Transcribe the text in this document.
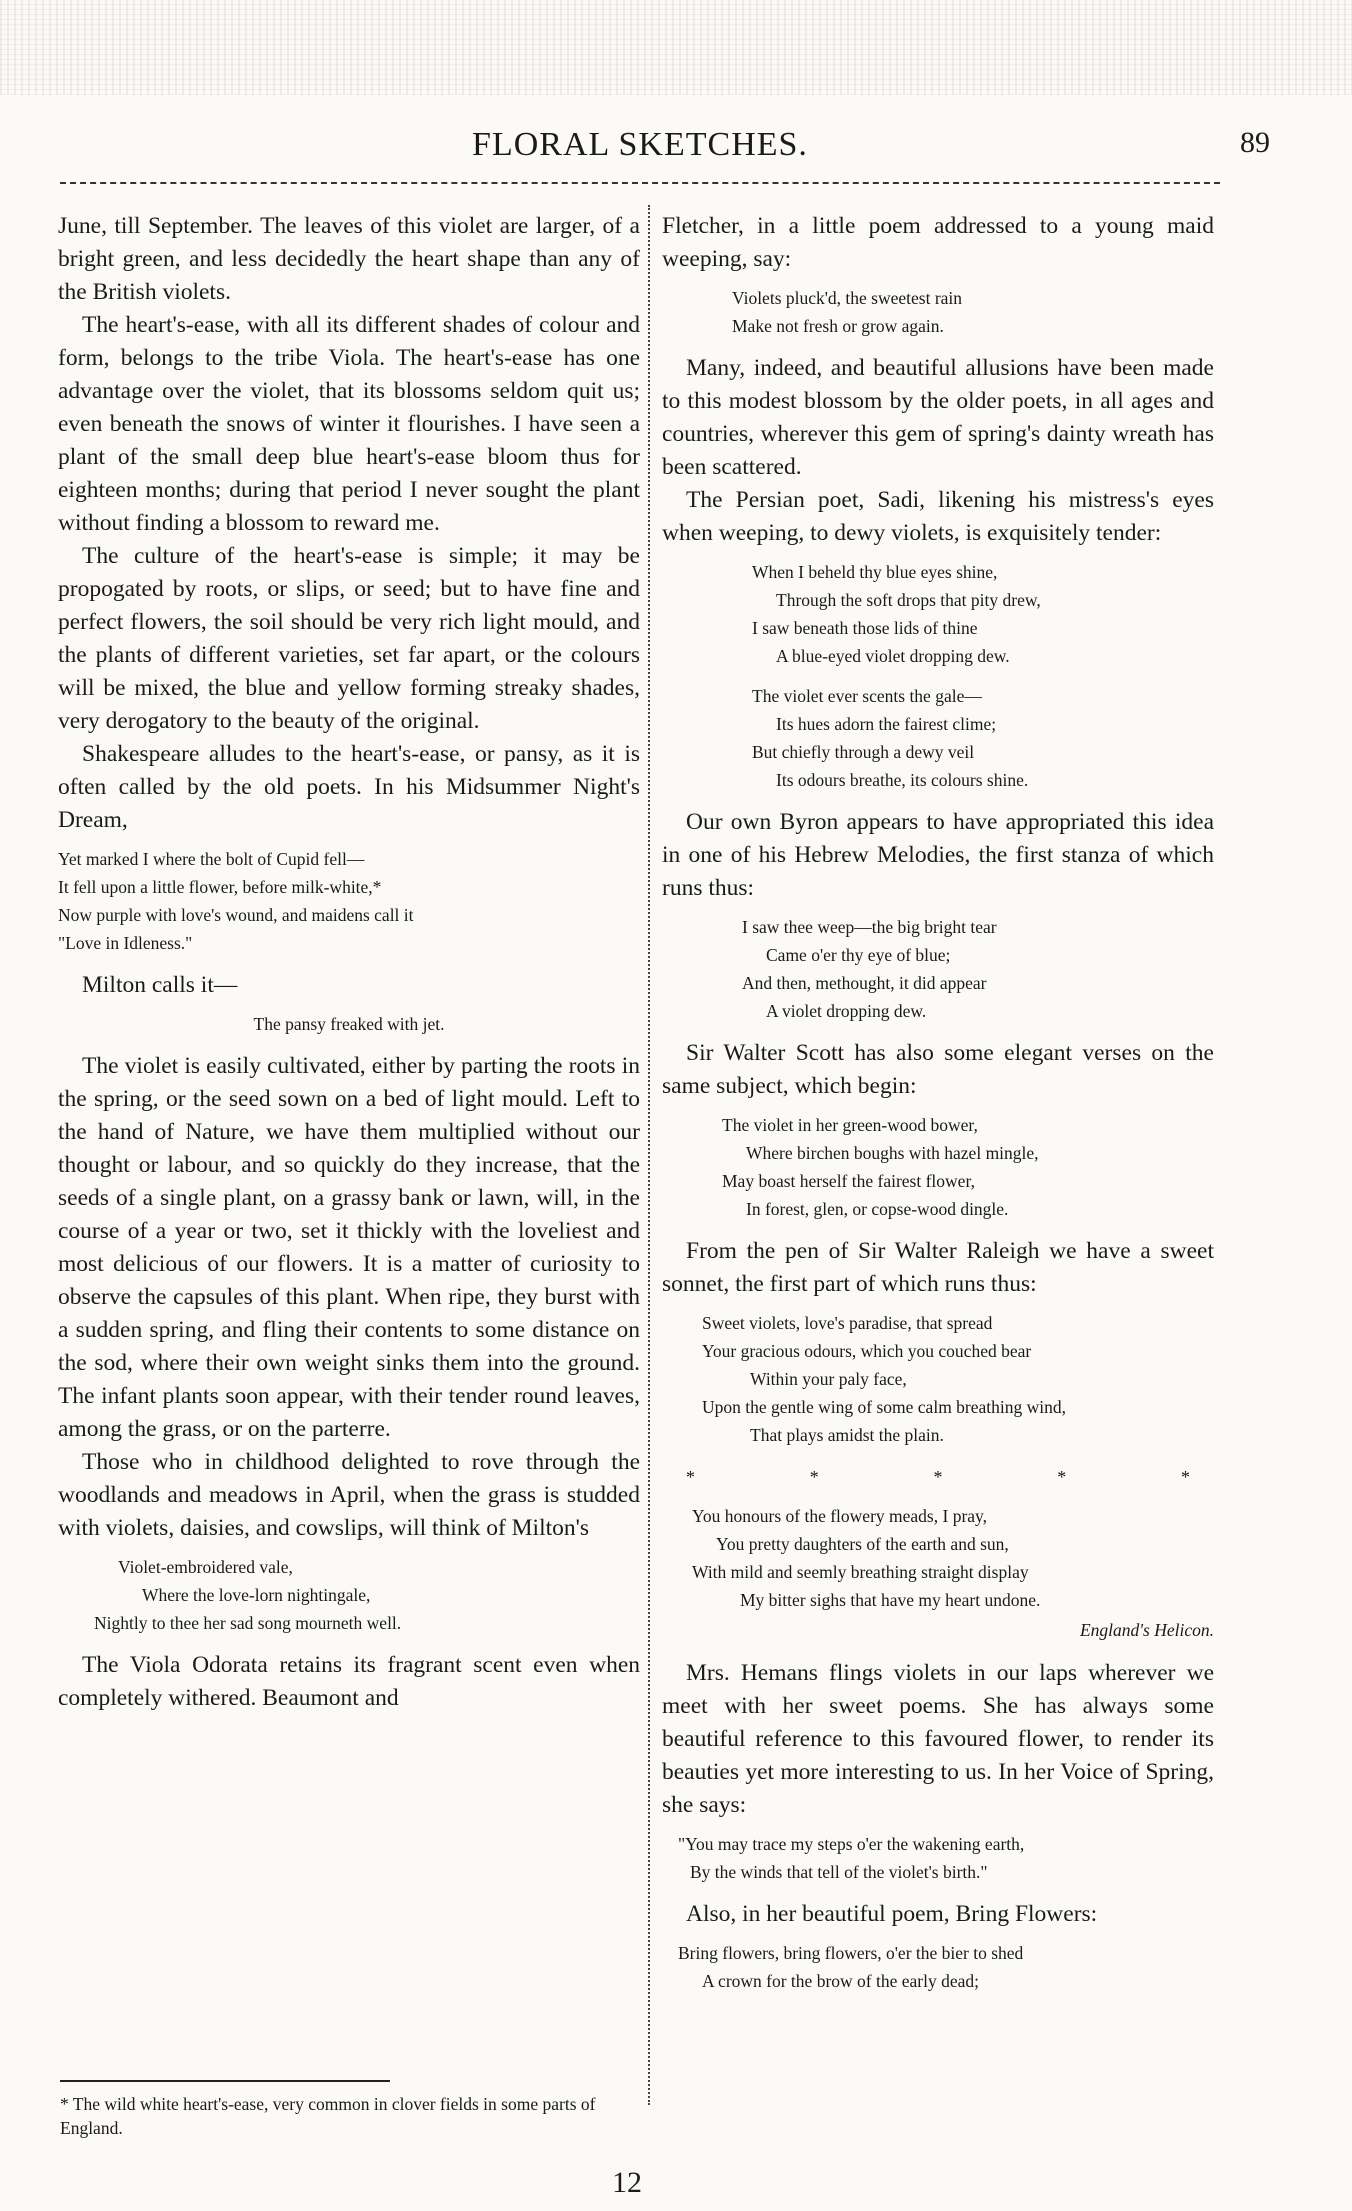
FLORAL SKETCHES.	89

June, till September. The leaves of this violet are larger, of a bright green, and less decidedly the heart shape than any of the British violets.

The heart's-ease, with all its different shades of colour and form, belongs to the tribe Viola. The heart's-ease has one advantage over the violet, that its blossoms seldom quit us; even beneath the snows of winter it flourishes. I have seen a plant of the small deep blue heart's-ease bloom thus for eighteen months; during that period I never sought the plant without finding a blossom to reward me.

The culture of the heart's-ease is simple; it may be propogated by roots, or slips, or seed; but to have fine and perfect flowers, the soil should be very rich light mould, and the plants of different varieties, set far apart, or the colours will be mixed, the blue and yellow forming streaky shades, very derogatory to the beauty of the original.

Shakespeare alludes to the heart's-ease, or pansy, as it is often called by the old poets. In his Midsummer Night's Dream,

Yet marked I where the bolt of Cupid fell—
It fell upon a little flower, before milk-white,*
Now purple with love's wound, and maidens call it
"Love in Idleness."

Milton calls it—

The pansy freaked with jet.

The violet is easily cultivated, either by parting the roots in the spring, or the seed sown on a bed of light mould. Left to the hand of Nature, we have them multiplied without our thought or labour, and so quickly do they increase, that the seeds of a single plant, on a grassy bank or lawn, will, in the course of a year or two, set it thickly with the loveliest and most delicious of our flowers. It is a matter of curiosity to observe the capsules of this plant. When ripe, they burst with a sudden spring, and fling their contents to some distance on the sod, where their own weight sinks them into the ground. The infant plants soon appear, with their tender round leaves, among the grass, or on the parterre.

Those who in childhood delighted to rove through the woodlands and meadows in April, when the grass is studded with violets, daisies, and cowslips, will think of Milton's

Violet-embroidered vale,
Where the love-lorn nightingale,
Nightly to thee her sad song mourneth well.

The Viola Odorata retains its fragrant scent even when completely withered. Beaumont and

Fletcher, in a little poem addressed to a young maid weeping, say:

Violets pluck'd, the sweetest rain
Make not fresh or grow again.

Many, indeed, and beautiful allusions have been made to this modest blossom by the older poets, in all ages and countries, wherever this gem of spring's dainty wreath has been scattered.

The Persian poet, Sadi, likening his mistress's eyes when weeping, to dewy violets, is exquisitely tender:

When I beheld thy blue eyes shine,
Through the soft drops that pity drew,
I saw beneath those lids of thine
A blue-eyed violet dropping dew.
The violet ever scents the gale—
Its hues adorn the fairest clime;
But chiefly through a dewy veil
Its odours breathe, its colours shine.

Our own Byron appears to have appropriated this idea in one of his Hebrew Melodies, the first stanza of which runs thus:

I saw thee weep—the big bright tear
Came o'er thy eye of blue;
And then, methought, it did appear
A violet dropping dew.

Sir Walter Scott has also some elegant verses on the same subject, which begin:

The violet in her green-wood bower,
Where birchen boughs with hazel mingle,
May boast herself the fairest flower,
In forest, glen, or copse-wood dingle.

From the pen of Sir Walter Raleigh we have a sweet sonnet, the first part of which runs thus:

Sweet violets, love's paradise, that spread
Your gracious odours, which you couched bear
Within your paly face,
Upon the gentle wing of some calm breathing wind,
That plays amidst the plain.
*	*	*	*	*
You honours of the flowery meads, I pray,
You pretty daughters of the earth and sun,
With mild and seemly breathing straight display
My bitter sighs that have my heart undone.
England's Helicon.

Mrs. Hemans flings violets in our laps wherever we meet with her sweet poems. She has always some beautiful reference to this favoured flower, to render its beauties yet more interesting to us. In her Voice of Spring, she says:

"You may trace my steps o'er the wakening earth,
By the winds that tell of the violet's birth."

Also, in her beautiful poem, Bring Flowers:

Bring flowers, bring flowers, o'er the bier to shed
A crown for the brow of the early dead;
* The wild white heart's-ease, very common in clover fields in some parts of England.
12
